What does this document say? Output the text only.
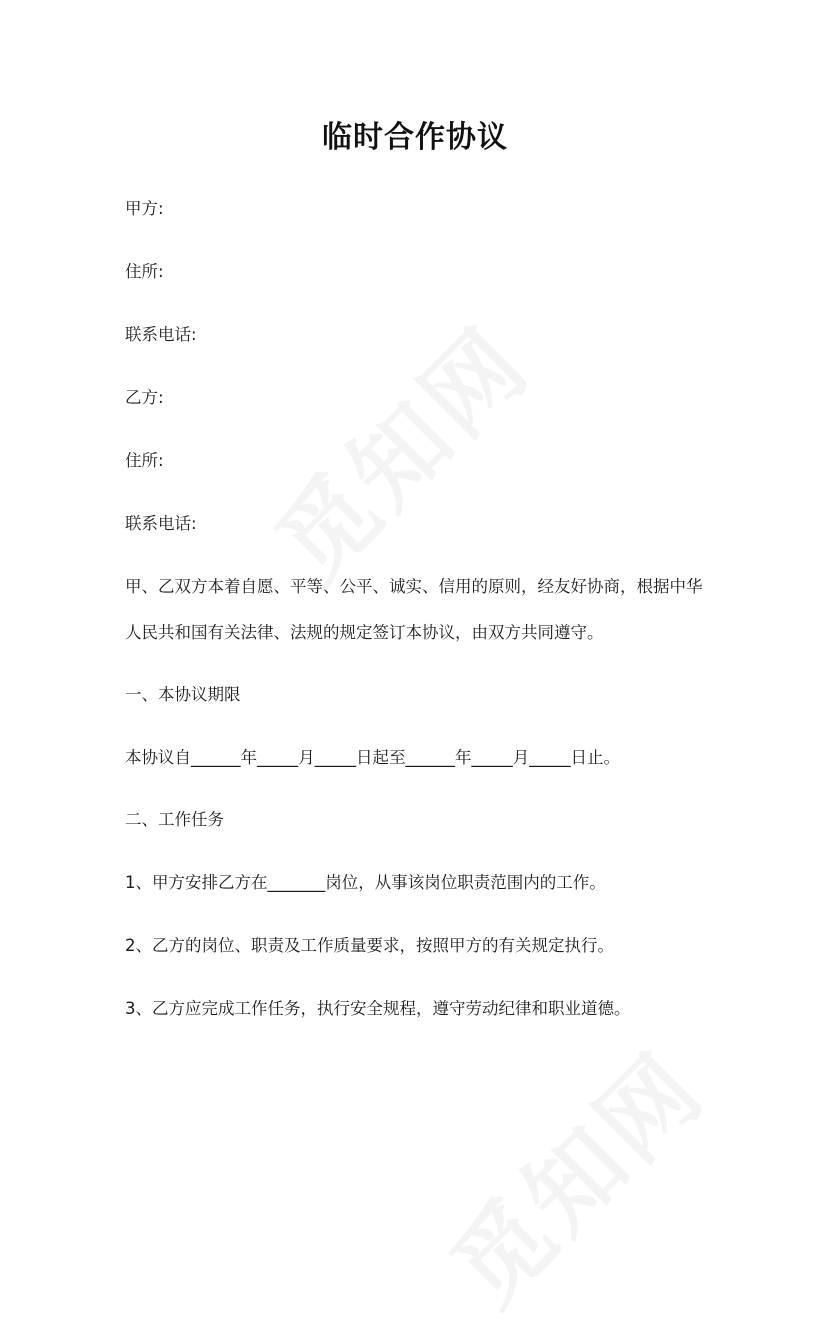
临时合作协议
甲方:
住所:
联系电话:
乙方:
住所:
联系电话:
甲、乙双方本着自愿、平等、公平、诚实、信用的原则，经友好协商，根据中华
人民共和国有关法律、法规的规定签订本协议，由双方共同遵守。
一、本协议期限
本协议自______年_____月_____日起至______年_____月_____日止。
二、工作任务
1、甲方安排乙方在_______岗位，从事该岗位职责范围内的工作。
2、乙方的岗位、职责及工作质量要求，按照甲方的有关规定执行。
3、乙方应完成工作任务，执行安全规程，遵守劳动纪律和职业道德。
